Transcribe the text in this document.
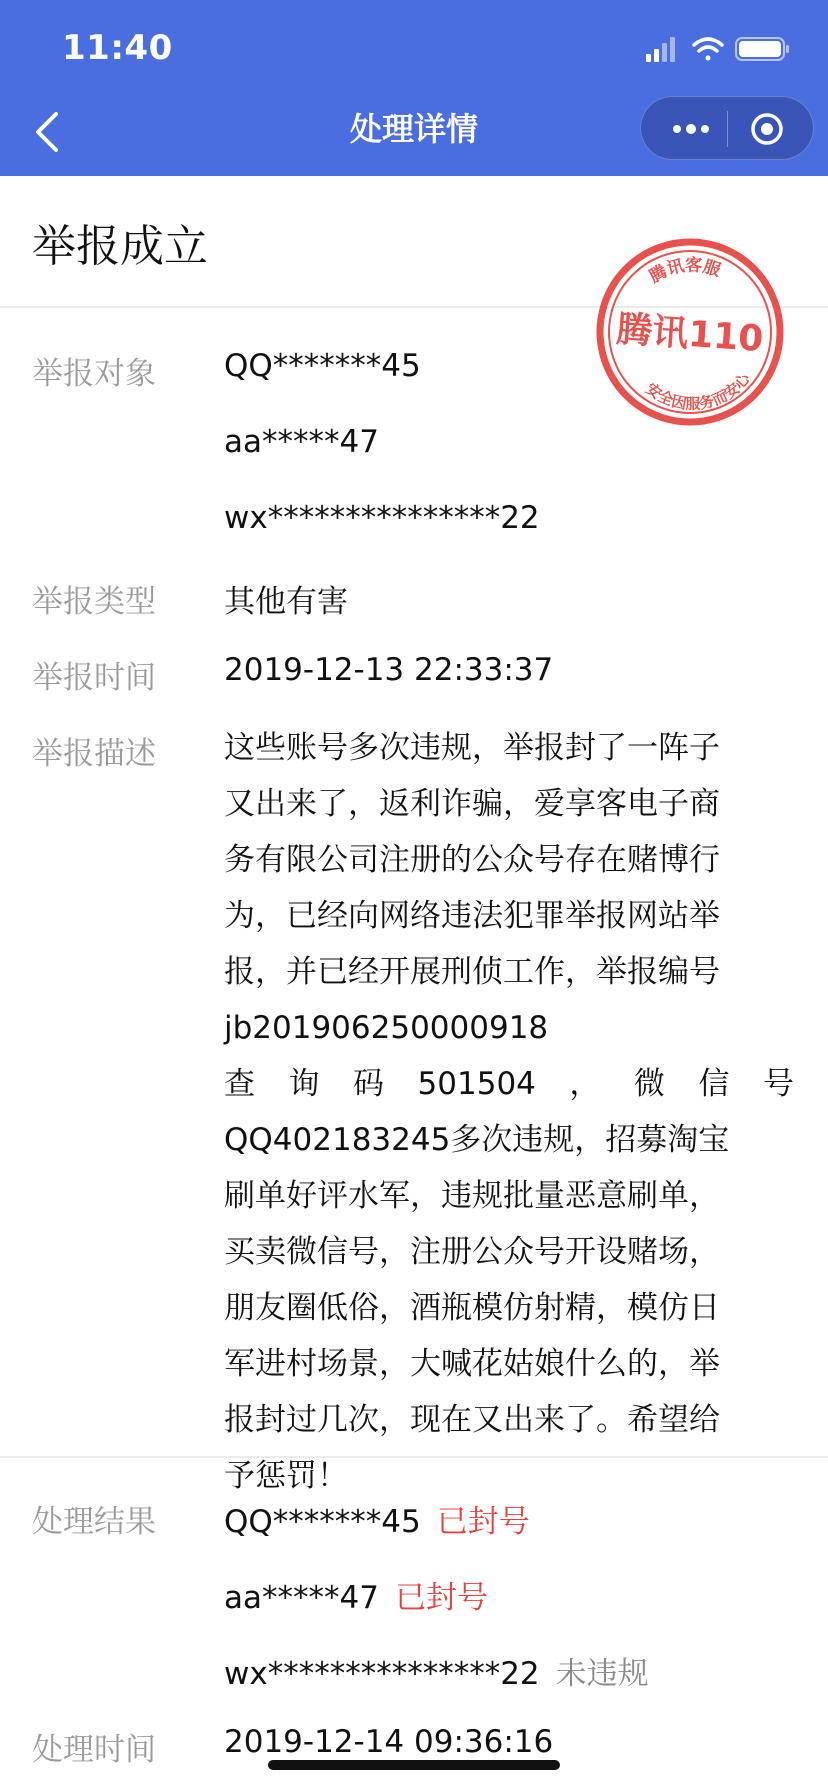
11:40
处理详情
举报成立
腾讯客服
腾讯110
安全因服务而安心
举报对象 QQ*******45
aa*****47
wx***************22
举报类型 其他有害
举报时间 2019-12-13 22:33:37
举报描述 这些账号多次违规，举报封了一阵子
又出来了，返利诈骗，爱享客电子商
务有限公司注册的公众号存在赌博行
为，已经向网络违法犯罪举报网站举
报，并已经开展刑侦工作，举报编号
jb201906250000918
查 询 码 501504 ， 微 信 号
QQ402183245多次违规，招募淘宝
刷单好评水军，违规批量恶意刷单，
买卖微信号，注册公众号开设赌场，
朋友圈低俗，酒瓶模仿射精，模仿日
军进村场景，大喊花姑娘什么的，举
报封过几次，现在又出来了。希望给
予惩罚！
处理结果 QQ*******45 已封号
aa*****47 已封号
wx***************22 未违规
处理时间 2019-12-14 09:36:16
